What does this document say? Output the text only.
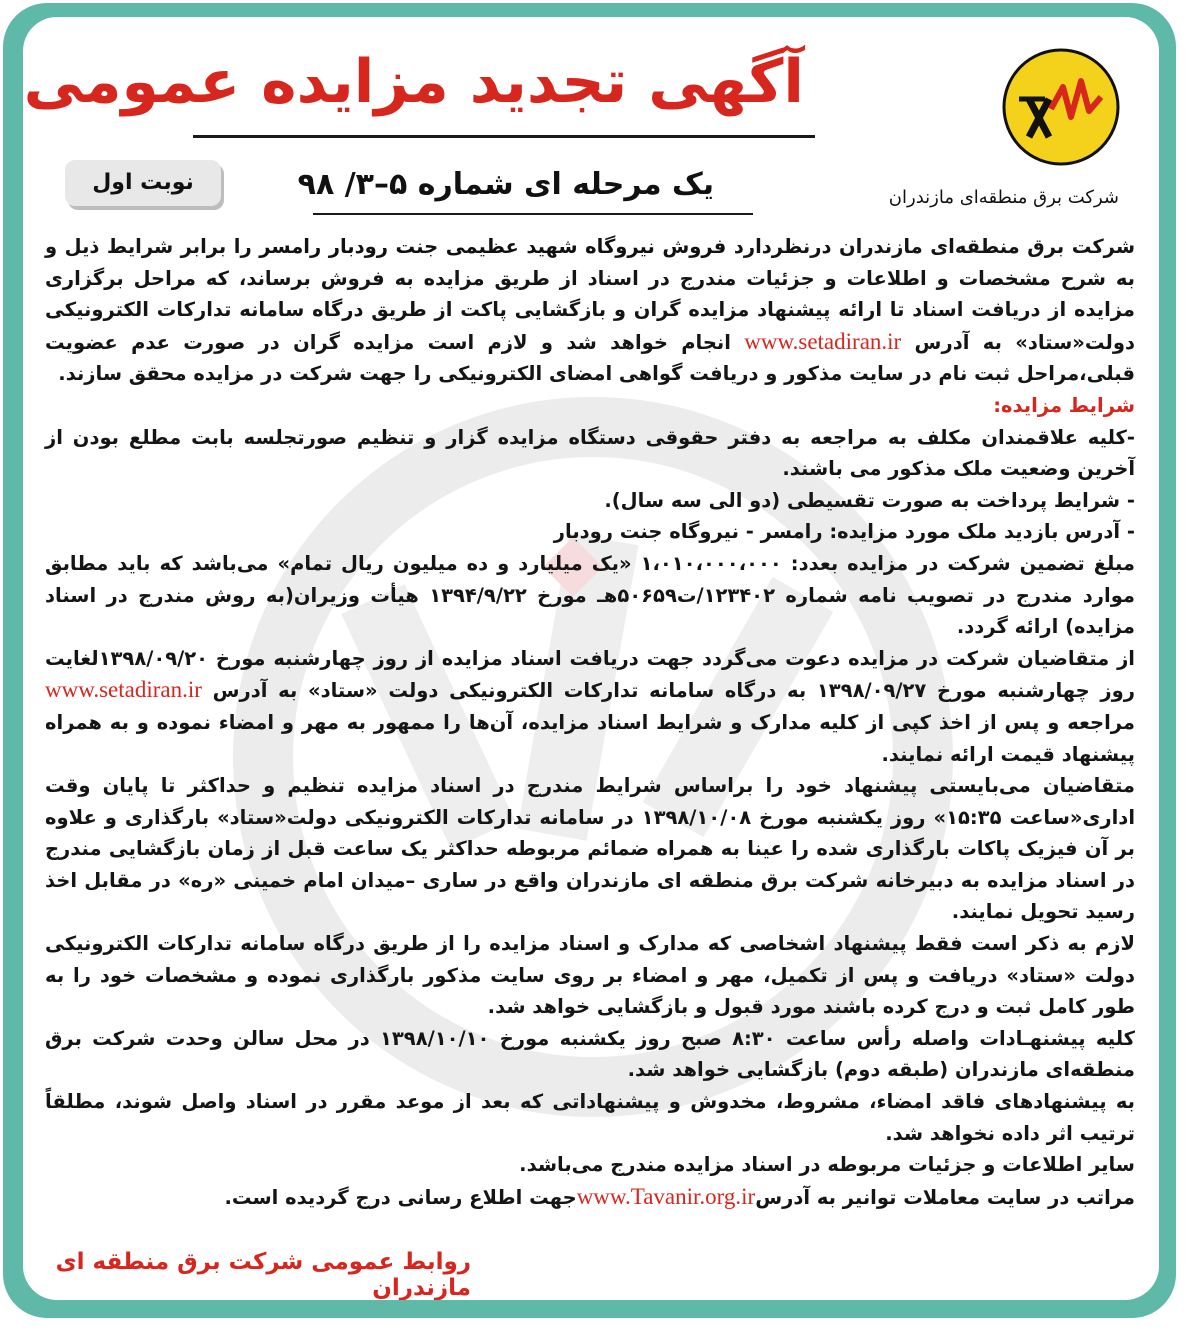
شرکت برق منطقه‌ای مازندران
آگهی تجدید مزایده عمومی
یک مرحله ای شماره ۵–۳/ ۹۸
نوبت اول

شرکت برق منطقه‌ای مازندران درنظردارد فروش نیروگاه شهید عظیمی جنت رودبار رامسر را برابر شرایط ذیل و به شرح مشخصات و اطلاعات و جزئیات مندرج در اسناد از طریق مزایده به فروش برساند، که مراحل برگزاری مزایده از دریافت اسناد تا ارائه پیشنهاد مزایده گران و بازگشایی پاکت از طریق درگاه سامانه تدارکات الکترونیکی دولت«ستاد» به آدرس www.setadiran.ir انجام خواهد شد و لازم است مزایده گران در صورت عدم عضویت قبلی،مراحل ثبت نام در سایت مذکور و دریافت گواهی امضای الکترونیکی را جهت شرکت در مزایده محقق سازند.

شرایط مزایده:

-کلیه علاقمندان مکلف به مراجعه به دفتر حقوقی دستگاه مزایده گزار و تنظیم صورتجلسه بابت مطلع بودن از آخرین وضعیت ملک مذکور می باشند.

- شرایط پرداخت به صورت تقسیطی (دو الی سه سال).

- آدرس بازدید ملک مورد مزایده: رامسر - نیروگاه جنت رودبار

مبلغ تضمین شرکت در مزایده بعدد: ۱،۰۱۰،۰۰۰،۰۰۰ «یک میلیارد و ده میلیون ریال تمام» می‌باشد که باید مطابق موارد مندرج در تصویب نامه شماره ۱۲۳۴۰۲/ت۵۰۶۵۹هـ مورخ ۱۳۹۴/۹/۲۲ هیأت وزیران(به روش مندرج در اسناد مزایده) ارائه گردد.

از متقاضیان شرکت در مزایده دعوت می‌گردد جهت دریافت اسناد مزایده از روز چهارشنبه مورخ ۱۳۹۸/۰۹/۲۰لغایت روز چهارشنبه مورخ ۱۳۹۸/۰۹/۲۷ به درگاه سامانه تدارکات الکترونیکی دولت «ستاد» به آدرس www.setadiran.ir مراجعه و پس از اخذ کپی از کلیه مدارک و شرایط اسناد مزایده، آن‌ها را ممهور به مهر و امضاء نموده و به همراه پیشنهاد قیمت ارائه نمایند.

متقاضیان می‌بایستی پیشنهاد خود را براساس شرایط مندرج در اسناد مزایده تنظیم و حداکثر تا پایان وقت اداری«ساعت ۱۵:۳۵» روز یکشنبه مورخ ۱۳۹۸/۱۰/۰۸ در سامانه تدارکات الکترونیکی دولت«ستاد» بارگذاری و علاوه بر آن فیزیک پاکات بارگذاری شده را عینا به همراه ضمائم مربوطه حداکثر یک ساعت قبل از زمان بازگشایی مندرج در اسناد مزایده به دبیرخانه شرکت برق منطقه ای مازندران واقع در ساری –میدان امام خمینی «ره» در مقابل اخذ رسید تحویل نمایند.

لازم به ذکر است فقط پیشنهاد اشخاصی که مدارک و اسناد مزایده را از طریق درگاه سامانه تدارکات الکترونیکی دولت «ستاد» دریافت و پس از تکمیل، مهر و امضاء بر روی سایت مذکور بارگذاری نموده و مشخصات خود را به طور کامل ثبت و درج کرده باشند مورد قبول و بازگشایی خواهد شد.

کلیه پیشنهـادات واصله رأس ساعت ۸:۳۰ صبح روز یکشنبه مورخ ۱۳۹۸/۱۰/۱۰ در محل سالن وحدت شرکت برق منطقه‌ای مازندران (طبقه دوم) بازگشایی خواهد شد.

به پیشنهادهای فاقد امضاء، مشروط، مخدوش و پیشنهاداتی که بعد از موعد مقرر در اسناد واصل شوند، مطلقاً ترتیب اثر داده نخواهد شد.

سایر اطلاعات و جزئیات مربوطه در اسناد مزایده مندرج می‌باشد.

مراتب در سایت معاملات توانیر به آدرسwww.Tavanir.org.irجهت اطلاع رسانی درج گردیده است.

روابط عمومی شرکت برق منطقه ای مازندران
